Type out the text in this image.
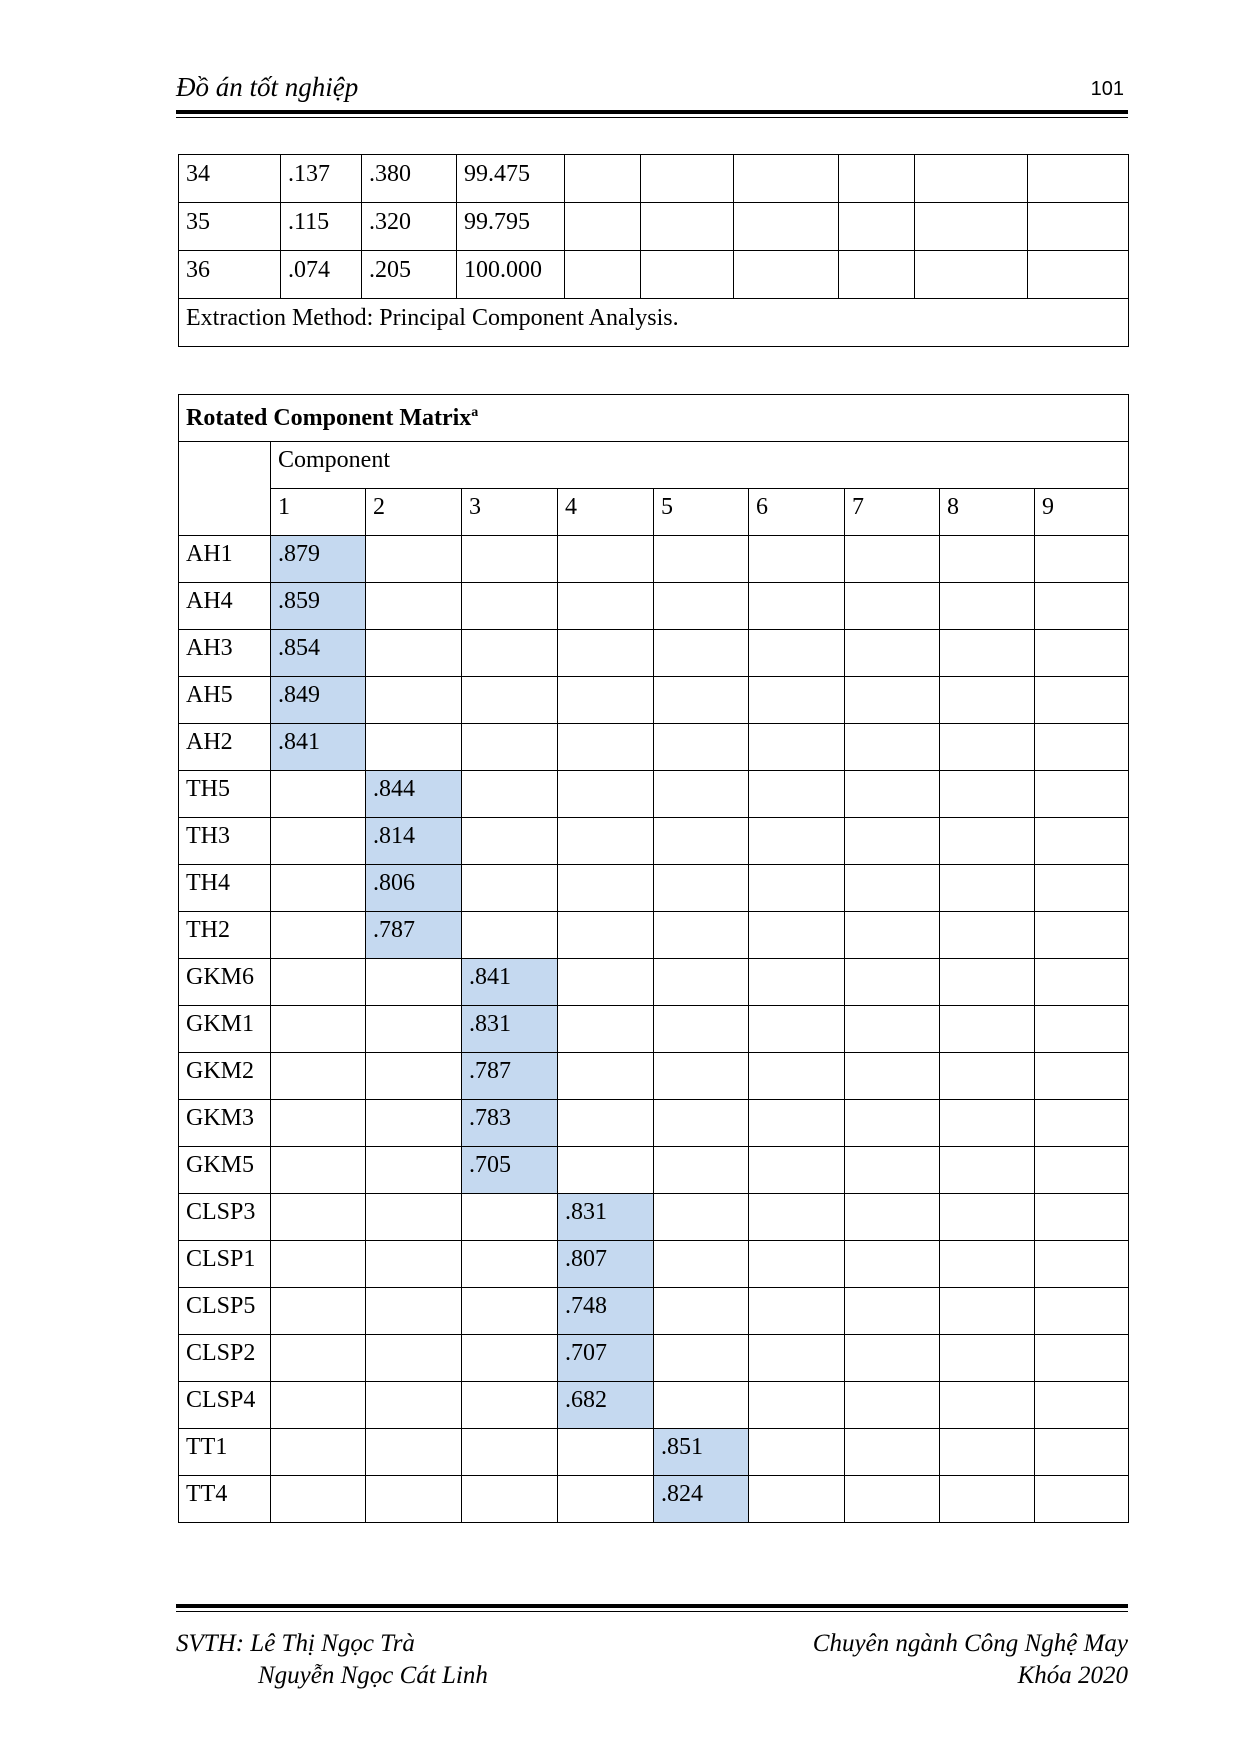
Đồ án tốt nghiệp	101
34	.137	.380	99.475						
35	.115	.320	99.795						
36	.074	.205	100.000						
Extraction Method: Principal Component Analysis.									
Rotated Component Matrix$^a$
	Component								
	1	2	3	4	5	6	7	8	9
AH1	.879								
AH4	.859								
AH3	.854								
AH5	.849								
AH2	.841								
TH5		.844							
TH3		.814							
TH4		.806							
TH2		.787							
GKM6			.841						
GKM1			.831						
GKM2			.787						
GKM3			.783						
GKM5			.705						
CLSP3				.831					
CLSP1				.807					
CLSP5				.748					
CLSP2				.707					
CLSP4				.682					
TT1					.851				
TT4					.824				
SVTH: Lê Thị Ngọc Trà
Nguyễn Ngọc Cát Linh
Chuyên ngành Công Nghệ May
Khóa 2020
